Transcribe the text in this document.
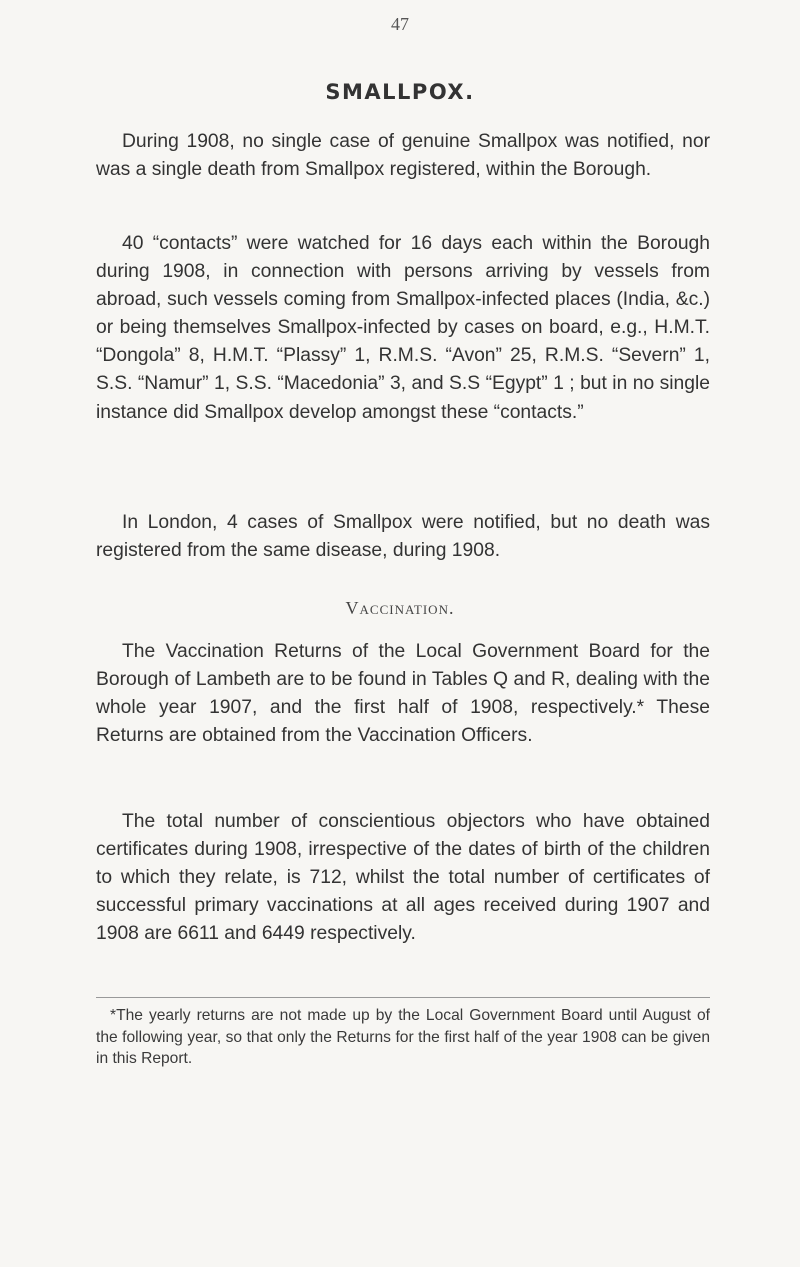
47
SMALLPOX.

During 1908, no single case of genuine Smallpox was notified, nor was a single death from Smallpox registered, within the Borough.

40 “contacts” were watched for 16 days each within the Borough during 1908, in connection with persons arriving by vessels from abroad, such vessels coming from Smallpox-infected places (India, &c.) or being themselves Smallpox-infected by cases on board, e.g., H.M.T. “Dongola” 8, H.M.T. “Plassy” 1, R.M.S. “Avon” 25, R.M.S. “Severn” 1, S.S. “Namur” 1, S.S. “Macedonia” 3, and S.S “Egypt” 1 ; but in no single instance did Smallpox develop amongst these “contacts.”

In London, 4 cases of Smallpox were notified, but no death was registered from the same disease, during 1908.

Vaccination.

The Vaccination Returns of the Local Government Board for the Borough of Lambeth are to be found in Tables Q and R, dealing with the whole year 1907, and the first half of 1908, respectively.* These Returns are obtained from the Vaccination Officers.

The total number of conscientious objectors who have obtained certificates during 1908, irrespective of the dates of birth of the children to which they relate, is 712, whilst the total number of certificates of successful primary vaccinations at all ages received during 1907 and 1908 are 6611 and 6449 respectively.

*The yearly returns are not made up by the Local Government Board until August of the following year, so that only the Returns for the first half of the year 1908 can be given in this Report.
